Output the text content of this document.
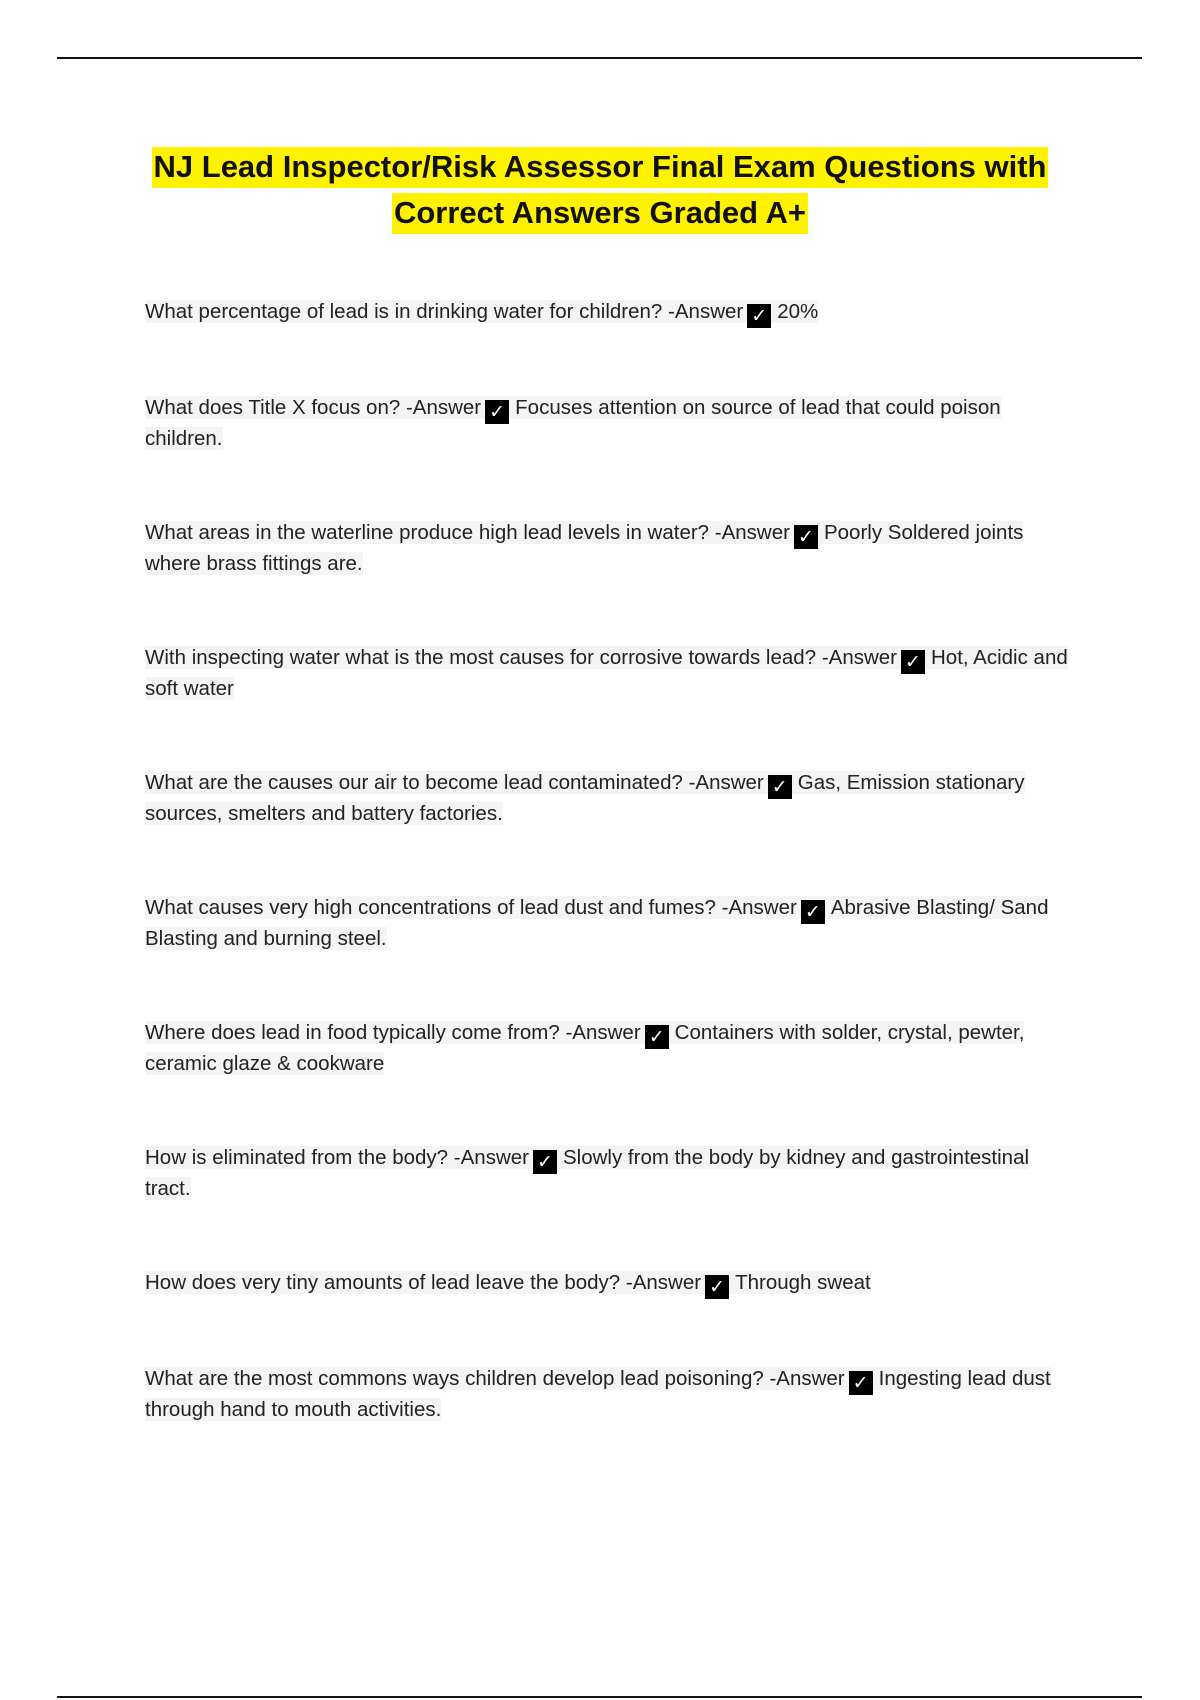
NJ Lead Inspector/Risk Assessor Final Exam Questions with Correct Answers Graded A+
What percentage of lead is in drinking water for children? -Answer ✓ 20%
What does Title X focus on? -Answer ✓ Focuses attention on source of lead that could poison children.
What areas in the waterline produce high lead levels in water? -Answer ✓ Poorly Soldered joints where brass fittings are.
With inspecting water what is the most causes for corrosive towards lead? -Answer ✓ Hot, Acidic and soft water
What are the causes our air to become lead contaminated? -Answer ✓ Gas, Emission stationary sources, smelters and battery factories.
What causes very high concentrations of lead dust and fumes? -Answer ✓ Abrasive Blasting/ Sand Blasting and burning steel.
Where does lead in food typically come from? -Answer ✓ Containers with solder, crystal, pewter, ceramic glaze & cookware
How is eliminated from the body? -Answer ✓ Slowly from the body by kidney and gastrointestinal tract.
How does very tiny amounts of lead leave the body? -Answer ✓ Through sweat
What are the most commons ways children develop lead poisoning? -Answer ✓ Ingesting lead dust through hand to mouth activities.
